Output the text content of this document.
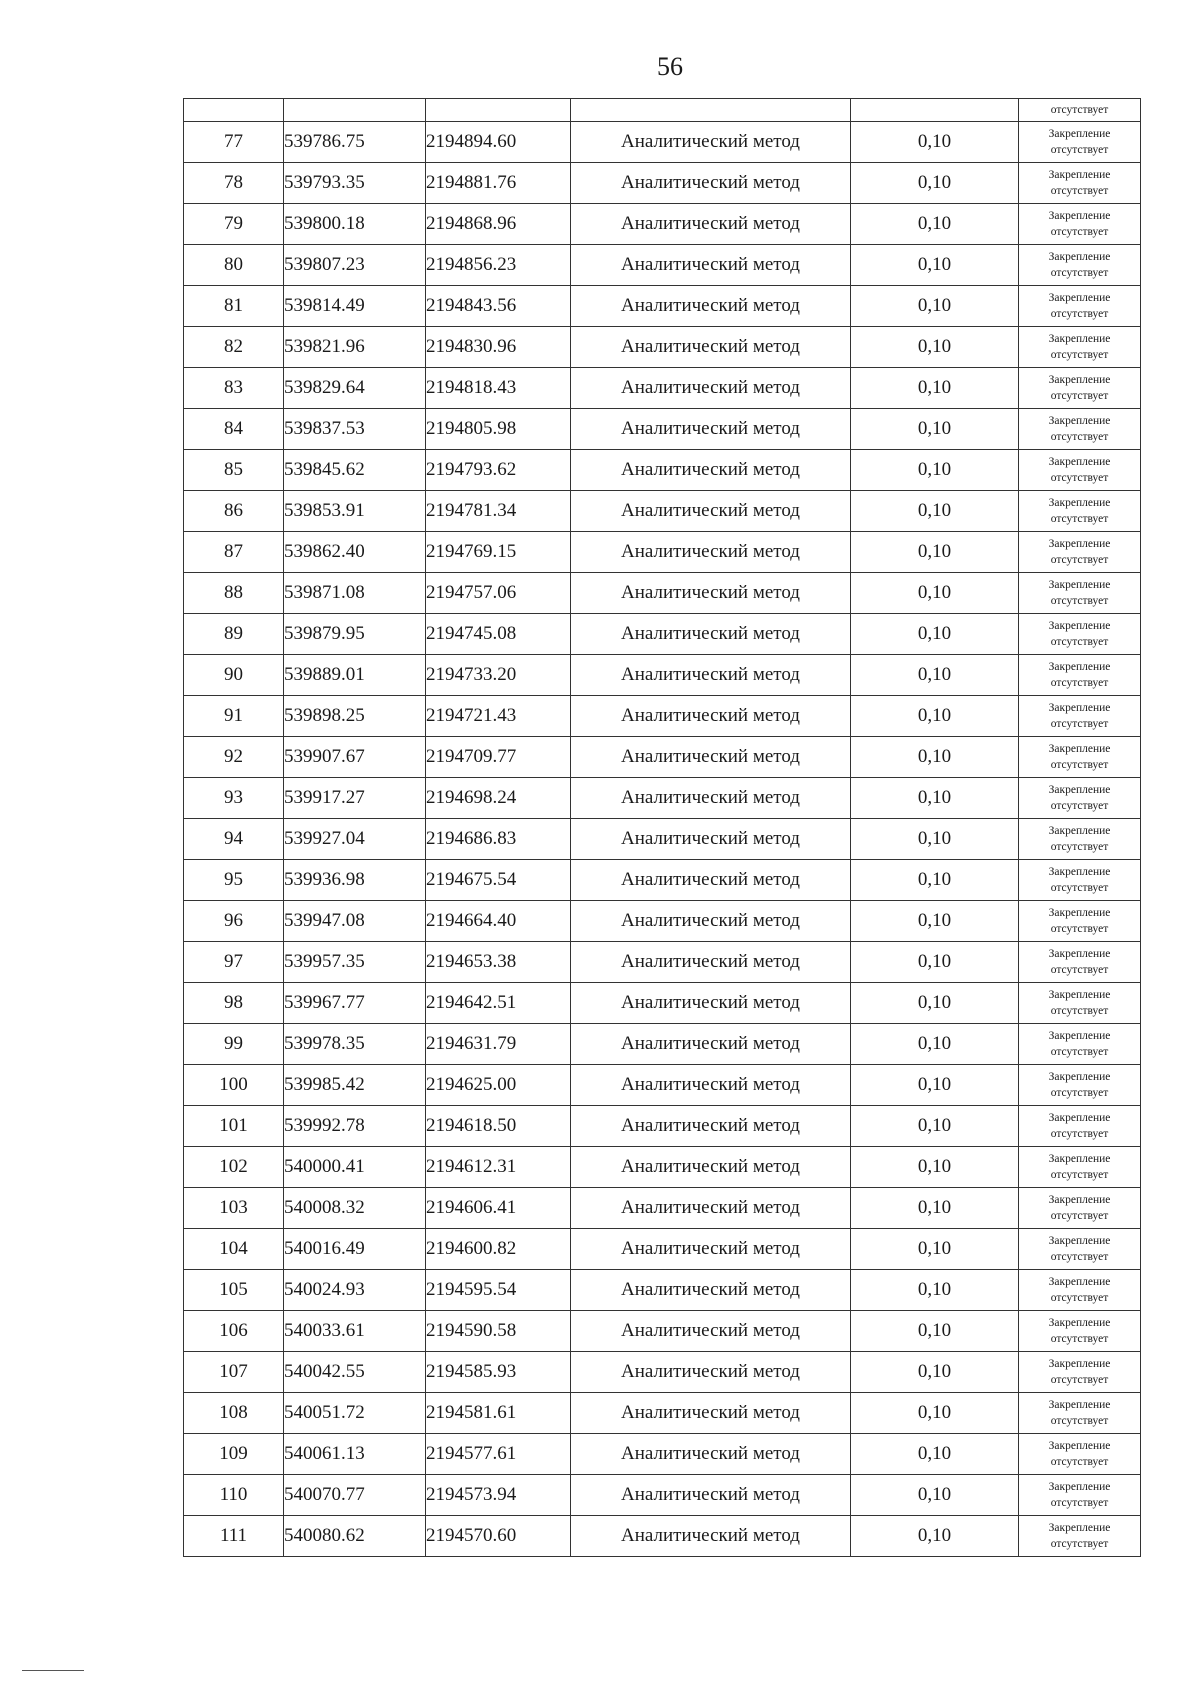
56

					отсутствует

77	539786.75	2194894.60	Аналитический метод	0,10	Закрепление
отсутствует

78	539793.35	2194881.76	Аналитический метод	0,10	Закрепление
отсутствует

79	539800.18	2194868.96	Аналитический метод	0,10	Закрепление
отсутствует

80	539807.23	2194856.23	Аналитический метод	0,10	Закрепление
отсутствует

81	539814.49	2194843.56	Аналитический метод	0,10	Закрепление
отсутствует

82	539821.96	2194830.96	Аналитический метод	0,10	Закрепление
отсутствует

83	539829.64	2194818.43	Аналитический метод	0,10	Закрепление
отсутствует

84	539837.53	2194805.98	Аналитический метод	0,10	Закрепление
отсутствует

85	539845.62	2194793.62	Аналитический метод	0,10	Закрепление
отсутствует

86	539853.91	2194781.34	Аналитический метод	0,10	Закрепление
отсутствует

87	539862.40	2194769.15	Аналитический метод	0,10	Закрепление
отсутствует

88	539871.08	2194757.06	Аналитический метод	0,10	Закрепление
отсутствует

89	539879.95	2194745.08	Аналитический метод	0,10	Закрепление
отсутствует

90	539889.01	2194733.20	Аналитический метод	0,10	Закрепление
отсутствует

91	539898.25	2194721.43	Аналитический метод	0,10	Закрепление
отсутствует

92	539907.67	2194709.77	Аналитический метод	0,10	Закрепление
отсутствует

93	539917.27	2194698.24	Аналитический метод	0,10	Закрепление
отсутствует

94	539927.04	2194686.83	Аналитический метод	0,10	Закрепление
отсутствует

95	539936.98	2194675.54	Аналитический метод	0,10	Закрепление
отсутствует

96	539947.08	2194664.40	Аналитический метод	0,10	Закрепление
отсутствует

97	539957.35	2194653.38	Аналитический метод	0,10	Закрепление
отсутствует

98	539967.77	2194642.51	Аналитический метод	0,10	Закрепление
отсутствует

99	539978.35	2194631.79	Аналитический метод	0,10	Закрепление
отсутствует

100	539985.42	2194625.00	Аналитический метод	0,10	Закрепление
отсутствует

101	539992.78	2194618.50	Аналитический метод	0,10	Закрепление
отсутствует

102	540000.41	2194612.31	Аналитический метод	0,10	Закрепление
отсутствует

103	540008.32	2194606.41	Аналитический метод	0,10	Закрепление
отсутствует

104	540016.49	2194600.82	Аналитический метод	0,10	Закрепление
отсутствует

105	540024.93	2194595.54	Аналитический метод	0,10	Закрепление
отсутствует

106	540033.61	2194590.58	Аналитический метод	0,10	Закрепление
отсутствует

107	540042.55	2194585.93	Аналитический метод	0,10	Закрепление
отсутствует

108	540051.72	2194581.61	Аналитический метод	0,10	Закрепление
отсутствует

109	540061.13	2194577.61	Аналитический метод	0,10	Закрепление
отсутствует

110	540070.77	2194573.94	Аналитический метод	0,10	Закрепление
отсутствует

111	540080.62	2194570.60	Аналитический метод	0,10	Закрепление
отсутствует
